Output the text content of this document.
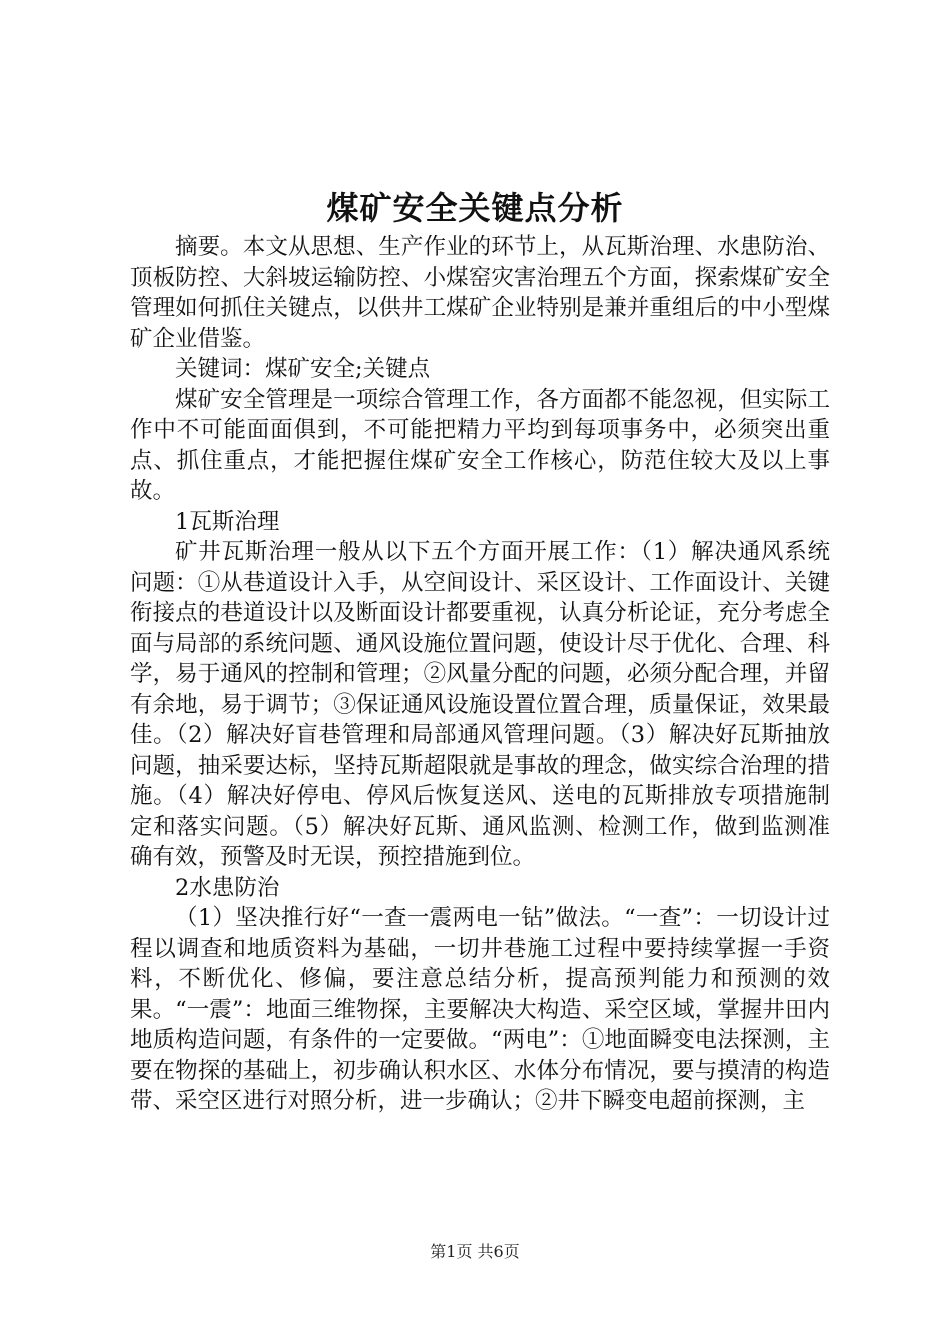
煤矿安全关键点分析

摘要。本文从思想、生产作业的环节上，从瓦斯治理、水患防治、顶板防控、大斜坡运输防控、小煤窑灾害治理五个方面，探索煤矿安全管理如何抓住关键点，以供井工煤矿企业特别是兼并重组后的中小型煤矿企业借鉴。

关键词：煤矿安全;关键点

煤矿安全管理是一项综合管理工作，各方面都不能忽视，但实际工作中不可能面面俱到，不可能把精力平均到每项事务中，必须突出重点、抓住重点，才能把握住煤矿安全工作核心，防范住较大及以上事故。

1瓦斯治理

矿井瓦斯治理一般从以下五个方面开展工作：（1）解决通风系统问题：①从巷道设计入手，从空间设计、采区设计、工作面设计、关键衔接点的巷道设计以及断面设计都要重视，认真分析论证，充分考虑全面与局部的系统问题、通风设施位置问题，使设计尽于优化、合理、科学，易于通风的控制和管理；②风量分配的问题，必须分配合理，并留有余地，易于调节；③保证通风设施设置位置合理，质量保证，效果最佳。（2）解决好盲巷管理和局部通风管理问题。（3）解决好瓦斯抽放问题，抽采要达标，坚持瓦斯超限就是事故的理念，做实综合治理的措施。（4）解决好停电、停风后恢复送风、送电的瓦斯排放专项措施制定和落实问题。（5）解决好瓦斯、通风监测、检测工作，做到监测准确有效，预警及时无误，预控措施到位。

2水患防治

（1）坚决推行好“一查一震两电一钻”做法。“一查”：一切设计过程以调查和地质资料为基础，一切井巷施工过程中要持续掌握一手资料，不断优化、修偏，要注意总结分析，提高预判能力和预测的效果。“一震”：地面三维物探，主要解决大构造、采空区域，掌握井田内地质构造问题，有条件的一定要做。“两电”：①地面瞬变电法探测，主要在物探的基础上，初步确认积水区、水体分布情况，要与摸清的构造带、采空区进行对照分析，进一步确认；②井下瞬变电超前探测，主

第1页 共6页
